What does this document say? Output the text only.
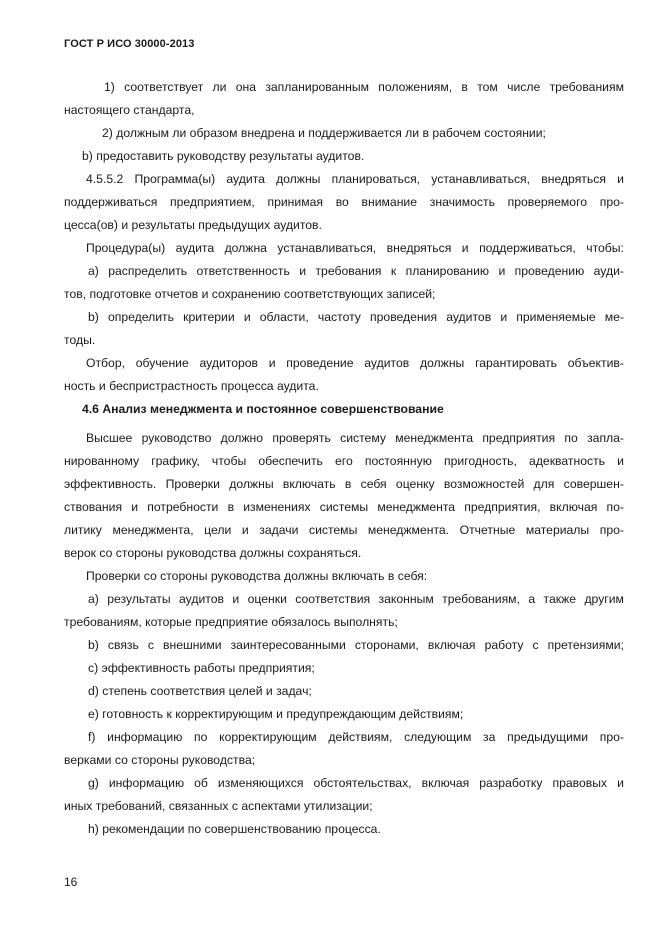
ГОСТ Р ИСО 30000-2013
1) соответствует ли она запланированным положениям, в том числе требованиям
настоящего стандарта,
2) должным ли образом внедрена и поддерживается ли в рабочем состоянии;
b) предоставить руководству результаты аудитов.
4.5.5.2 Программа(ы) аудита должны планироваться, устанавливаться, внедряться и
поддерживаться предприятием, принимая во внимание значимость проверяемого про-
цесса(ов) и результаты предыдущих аудитов.
Процедура(ы) аудита должна устанавливаться, внедряться и поддерживаться, чтобы:
а) распределить ответственность и требования к планированию и проведению ауди-
тов, подготовке отчетов и сохранению соответствующих записей;
b) определить критерии и области, частоту проведения аудитов и применяемые ме-
тоды.
Отбор, обучение аудиторов и проведение аудитов должны гарантировать объектив-
ность и беспристрастность процесса аудита.
4.6 Анализ менеджмента и постоянное совершенствование
Высшее руководство должно проверять систему менеджмента предприятия по запла-
нированному графику, чтобы обеспечить его постоянную пригодность, адекватность и
эффективность. Проверки должны включать в себя оценку возможностей для совершен-
ствования и потребности в изменениях системы менеджмента предприятия, включая по-
литику менеджмента, цели и задачи системы менеджмента. Отчетные материалы про-
верок со стороны руководства должны сохраняться.
Проверки со стороны руководства должны включать в себя:
а) результаты аудитов и оценки соответствия законным требованиям, а также другим
требованиям, которые предприятие обязалось выполнять;
b) связь с внешними заинтересованными сторонами, включая работу с претензиями;
с) эффективность работы предприятия;
d) степень соответствия целей и задач;
е) готовность к корректирующим и предупреждающим действиям;
f) информацию по корректирующим действиям, следующим за предыдущими про-
верками со стороны руководства;
g) информацию об изменяющихся обстоятельствах, включая разработку правовых и
иных требований, связанных с аспектами утилизации;
h) рекомендации по совершенствованию процесса.
16
